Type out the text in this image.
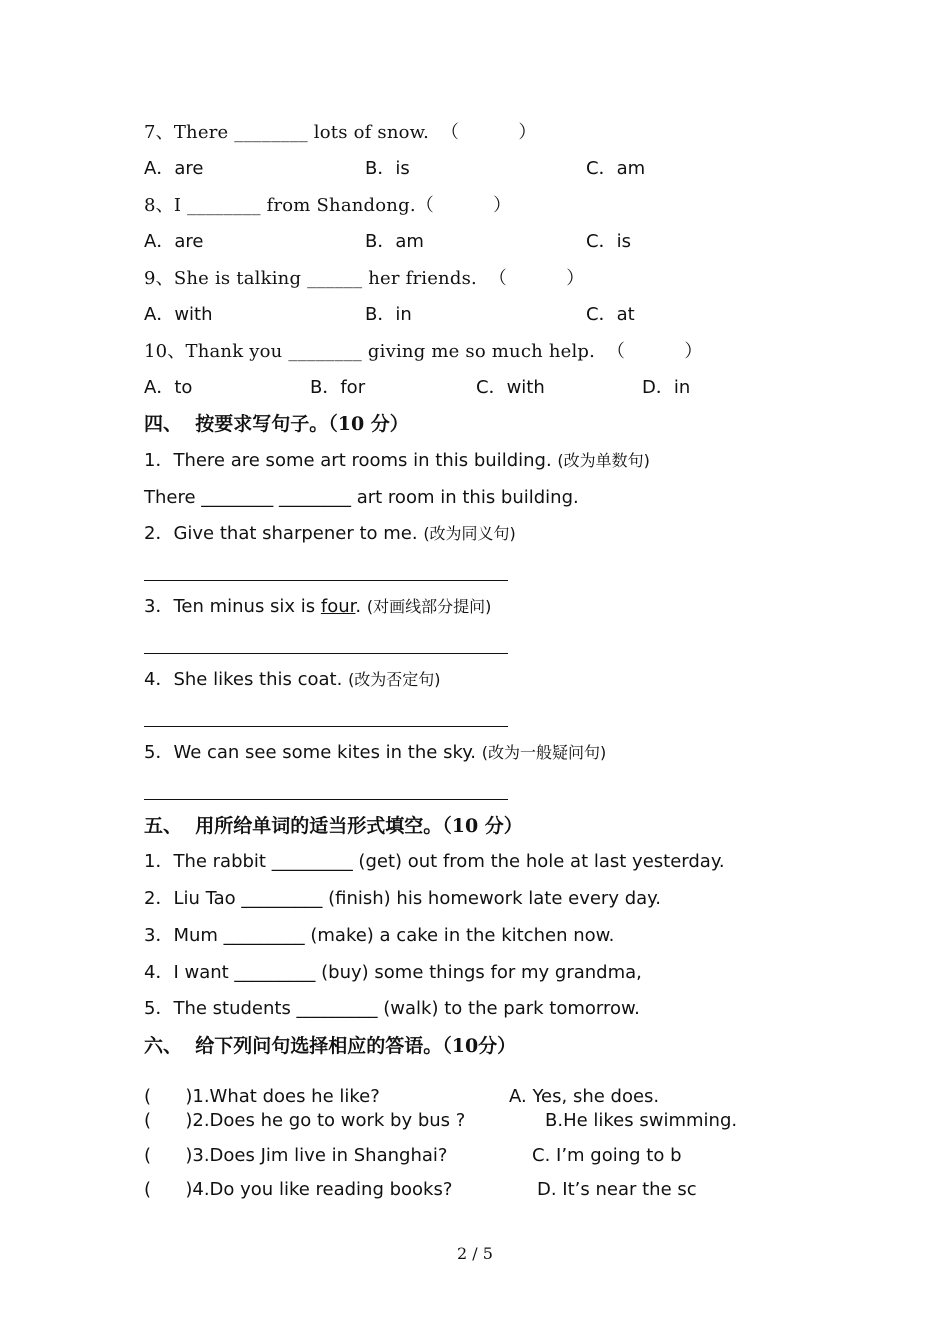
7、There ________ lots of snow.  （          ）
A．are	B．is	C．am
8、I ________ from Shandong.（          ）
A．are	B．am	C．is
9、She is talking ______ her friends.  （          ）
A．with	B．in	C．at
10、Thank you ________ giving me so much help.  （          ）
A．to	B．for	C．with	D．in
四、  按要求写句子。（10 分）
1．There are some art rooms in this building. (改为单数句)
There ________ ________ art room in this building.
2．Give that sharpener to me. (改为同义句)
3．Ten minus six is four. (对画线部分提问)
4．She likes this coat. (改为否定句)
5．We can see some kites in the sky. (改为一般疑问句)
五、  用所给单词的适当形式填空。（10 分）
1．The rabbit _________ (get) out from the hole at last yesterday.
2．Liu Tao _________ (finish) his homework late every day.
3．Mum _________ (make) a cake in the kitchen now.
4．I want _________ (buy) some things for my grandma,
5．The students _________ (walk) to the park tomorrow.
六、  给下列问句选择相应的答语。（10分）
(      )1.What does he like?	A. Yes, she does.
(      )2.Does he go to work by bus ?	B.He likes swimming.
(      )3.Does Jim live in Shanghai?	C. I’m going to b
(      )4.Do you like reading books?	D. It’s near the sc
2 / 5
